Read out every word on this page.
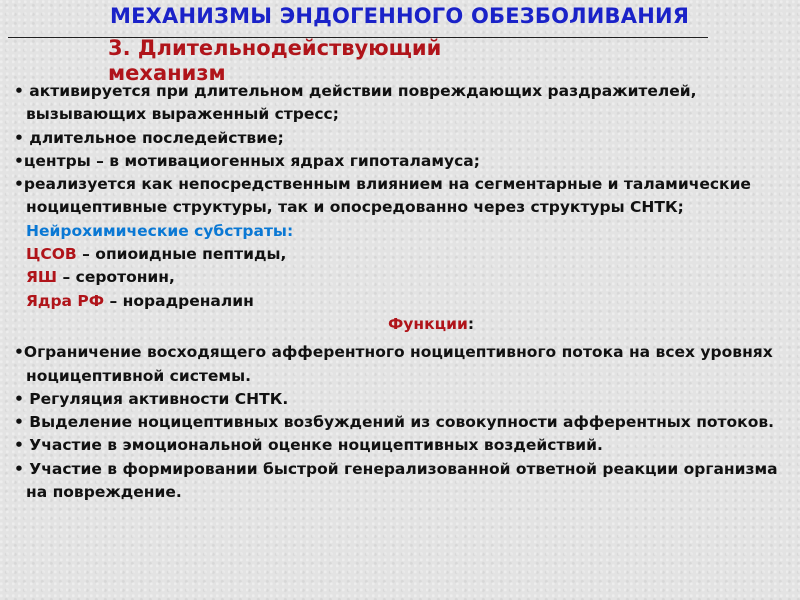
МЕХАНИЗМЫ ЭНДОГЕННОГО ОБЕЗБОЛИВАНИЯ
3. Длительнодействующий механизм

• активируется при длительном действии повреждающих раздражителей, вызывающих выраженный стресс;

• длительное последействие;

•центры – в мотивациогенных ядрах гипоталамуса;

•реализуется как непосредственным влиянием на сегментарные и таламические ноцицептивные структуры, так и опосредованно через структуры СНТК;

Нейрохимические субстраты:

ЦСОВ – опиоидные пептиды,

ЯШ – серотонин,

Ядра РФ – норадреналин

Функции:

•Ограничение восходящего афферентного ноцицептивного потока на всех уровнях ноцицептивной системы.

• Регуляция активности СНТК.

• Выделение ноцицептивных возбуждений из совокупности афферентных потоков.

• Участие в эмоциональной оценке ноцицептивных воздействий.

• Участие в формировании быстрой генерализованной ответной реакции организма на повреждение.
